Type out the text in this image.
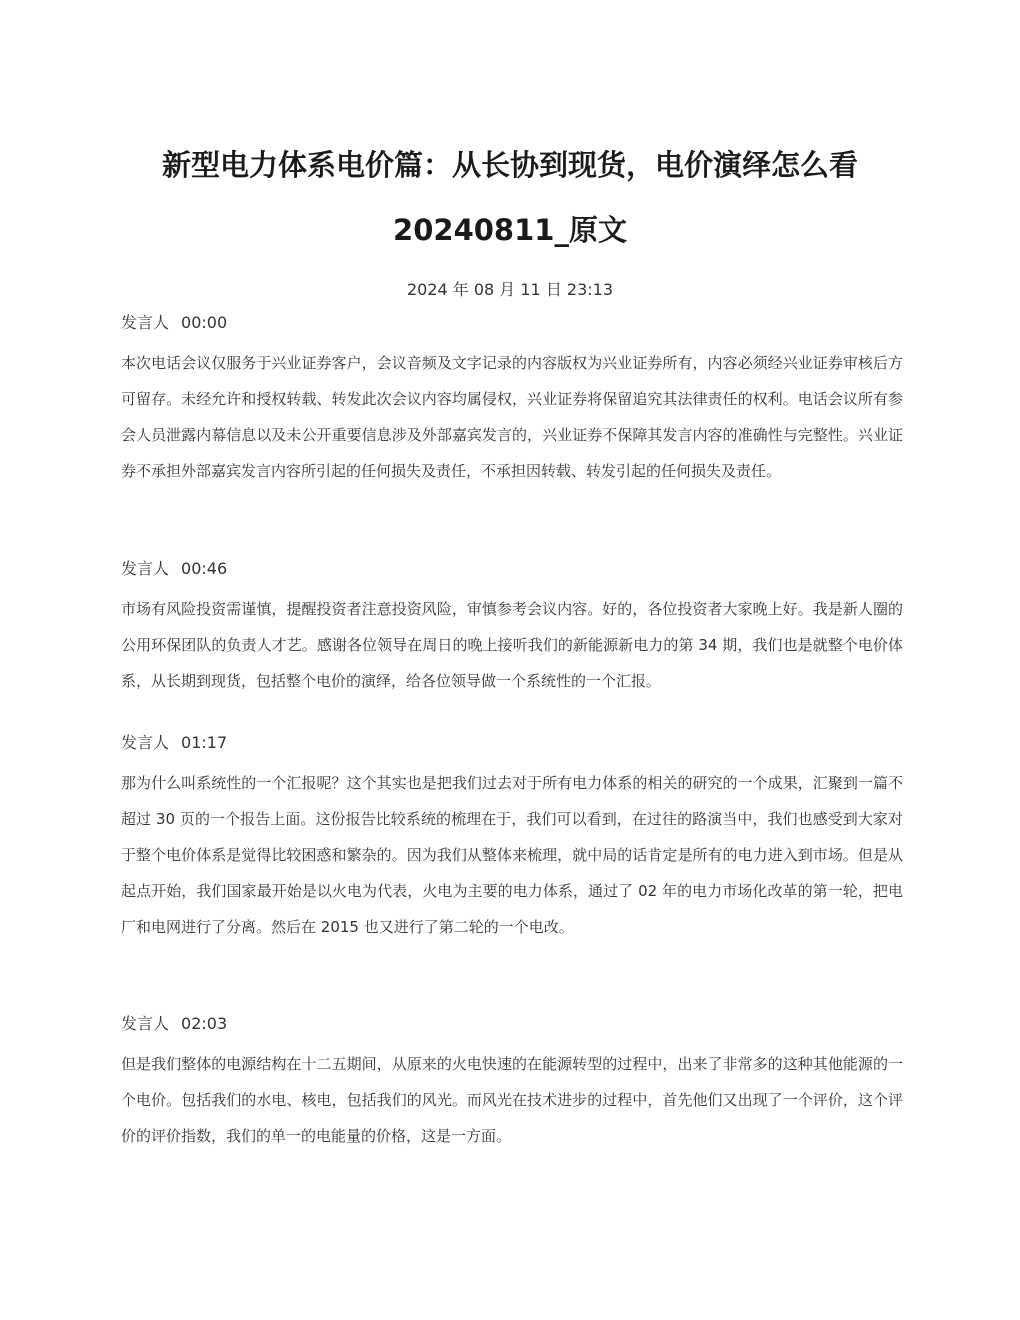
新型电力体系电价篇：从长协到现货，电价演绎怎么看
20240811_原文
2024 年 08 月 11 日 23:13
发言人 00:00

本次电话会议仅服务于兴业证券客户，会议音频及文字记录的内容版权为兴业证券所有，内容必须经兴业证券审核后方可留存。未经允许和授权转载、转发此次会议内容均属侵权，兴业证券将保留追究其法律责任的权利。电话会议所有参会人员泄露内幕信息以及未公开重要信息涉及外部嘉宾发言的，兴业证券不保障其发言内容的准确性与完整性。兴业证券不承担外部嘉宾发言内容所引起的任何损失及责任，不承担因转载、转发引起的任何损失及责任。

发言人 00:46

市场有风险投资需谨慎，提醒投资者注意投资风险，审慎参考会议内容。好的，各位投资者大家晚上好。我是新人圈的公用环保团队的负责人才艺。感谢各位领导在周日的晚上接听我们的新能源新电力的第 34 期，我们也是就整个电价体系，从长期到现货，包括整个电价的演绎，给各位领导做一个系统性的一个汇报。

发言人 01:17

那为什么叫系统性的一个汇报呢？这个其实也是把我们过去对于所有电力体系的相关的研究的一个成果，汇聚到一篇不超过 30 页的一个报告上面。这份报告比较系统的梳理在于，我们可以看到，在过往的路演当中，我们也感受到大家对于整个电价体系是觉得比较困惑和繁杂的。因为我们从整体来梳理，就中局的话肯定是所有的电力进入到市场。但是从起点开始，我们国家最开始是以火电为代表，火电为主要的电力体系，通过了 02 年的电力市场化改革的第一轮，把电厂和电网进行了分离。然后在 2015 也又进行了第二轮的一个电改。

发言人 02:03

但是我们整体的电源结构在十二五期间，从原来的火电快速的在能源转型的过程中，出来了非常多的这种其他能源的一个电价。包括我们的水电、核电，包括我们的风光。而风光在技术进步的过程中，首先他们又出现了一个评价，这个评价的评价指数，我们的单一的电能量的价格，这是一方面。
